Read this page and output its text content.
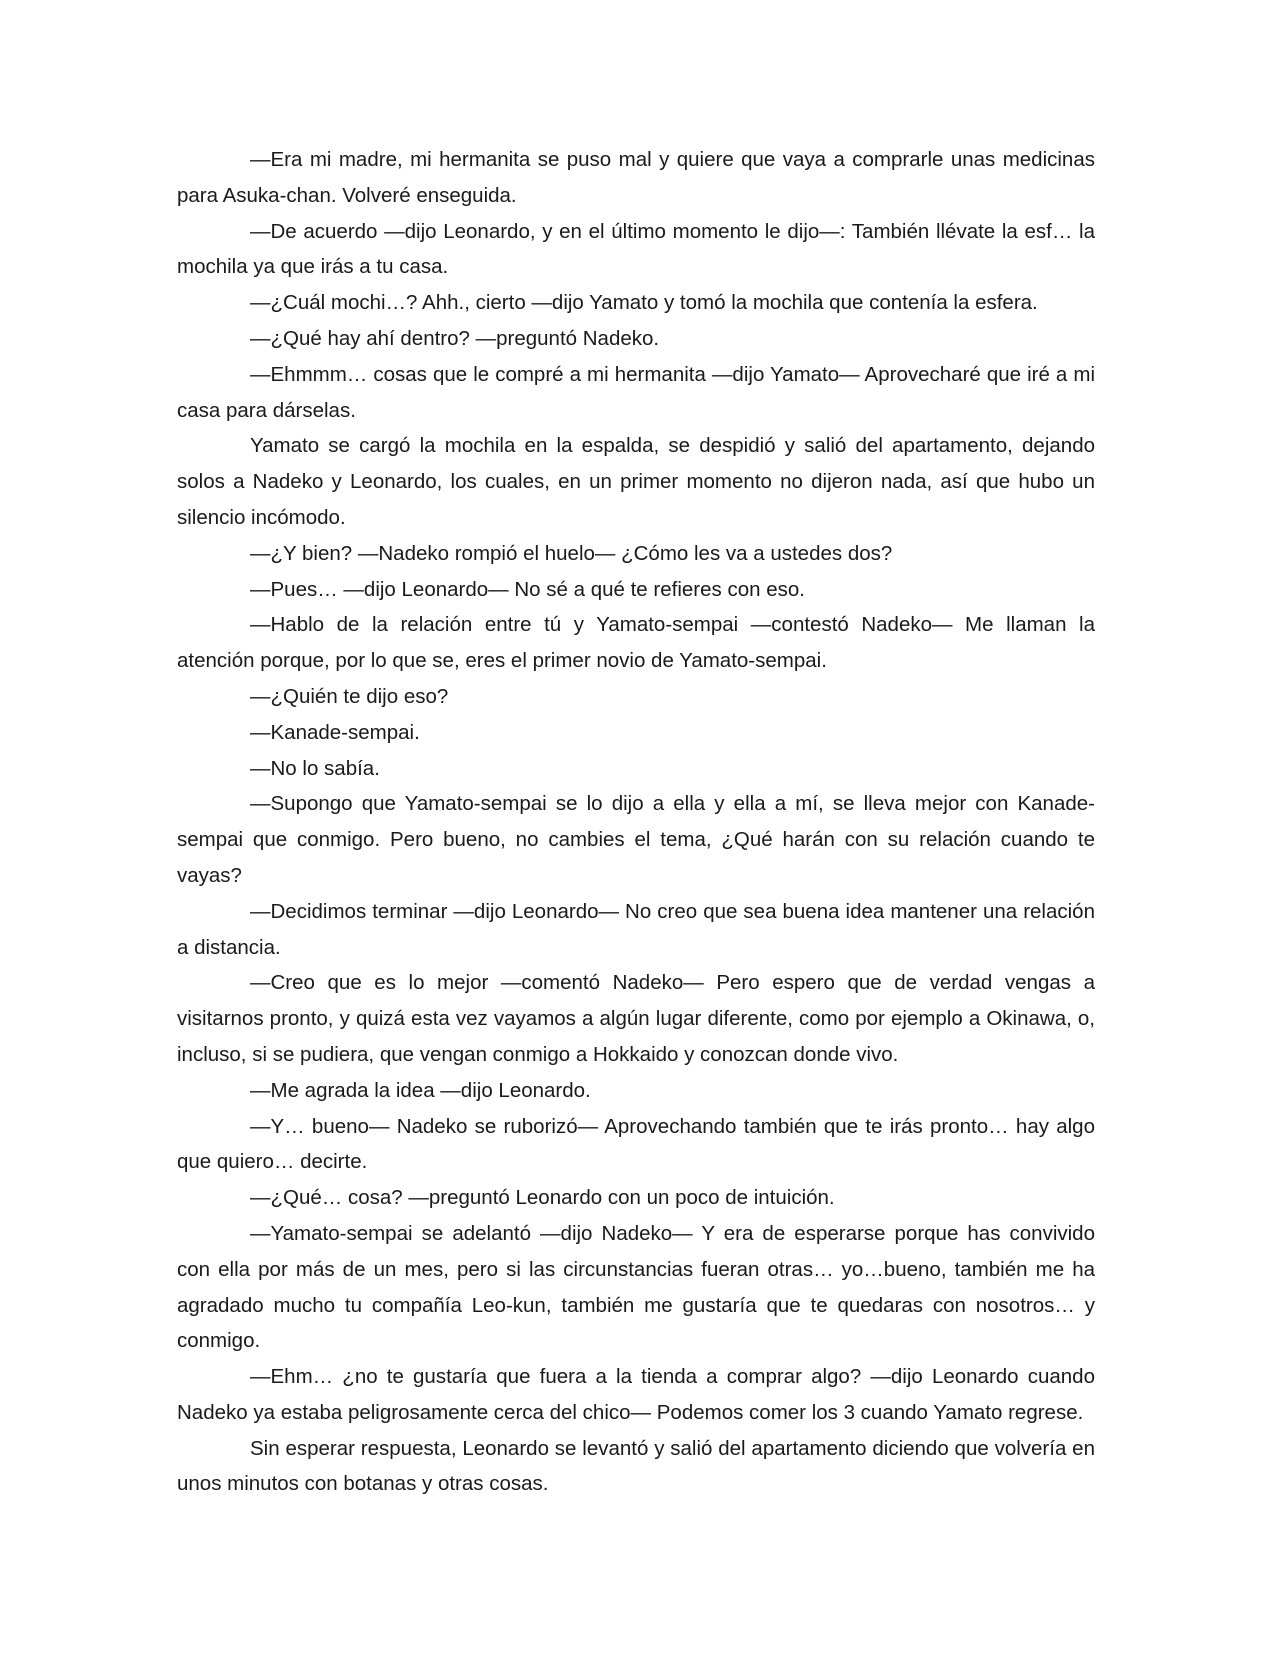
—Era mi madre, mi hermanita se puso mal y quiere que vaya a comprarle unas medicinas para Asuka-chan. Volveré enseguida.

—De acuerdo —dijo Leonardo, y en el último momento le dijo—: También llévate la esf… la mochila ya que irás a tu casa.

—¿Cuál mochi…? Ahh., cierto —dijo Yamato y tomó la mochila que contenía la esfera.

—¿Qué hay ahí dentro? —preguntó Nadeko.

—Ehmmm… cosas que le compré a mi hermanita —dijo Yamato— Aprovecharé que iré a mi casa para dárselas.

Yamato se cargó la mochila en la espalda, se despidió y salió del apartamento, dejando solos a Nadeko y Leonardo, los cuales, en un primer momento no dijeron nada, así que hubo un silencio incómodo.

—¿Y bien? —Nadeko rompió el huelo— ¿Cómo les va a ustedes dos?

—Pues… —dijo Leonardo— No sé a qué te refieres con eso.

—Hablo de la relación entre tú y Yamato-sempai —contestó Nadeko— Me llaman la atención porque, por lo que se, eres el primer novio de Yamato-sempai.

—¿Quién te dijo eso?

—Kanade-sempai.

—No lo sabía.

—Supongo que Yamato-sempai se lo dijo a ella y ella a mí, se lleva mejor con Kanade-sempai que conmigo. Pero bueno, no cambies el tema, ¿Qué harán con su relación cuando te vayas?

—Decidimos terminar —dijo Leonardo— No creo que sea buena idea mantener una relación a distancia.

—Creo que es lo mejor —comentó Nadeko— Pero espero que de verdad vengas a visitarnos pronto, y quizá esta vez vayamos a algún lugar diferente, como por ejemplo a Okinawa, o, incluso, si se pudiera, que vengan conmigo a Hokkaido y conozcan donde vivo.

—Me agrada la idea —dijo Leonardo.

—Y… bueno— Nadeko se ruborizó— Aprovechando también que te irás pronto… hay algo que quiero… decirte.

—¿Qué… cosa? —preguntó Leonardo con un poco de intuición.

—Yamato-sempai se adelantó —dijo Nadeko— Y era de esperarse porque has convivido con ella por más de un mes, pero si las circunstancias fueran otras… yo…bueno, también me ha agradado mucho tu compañía Leo-kun, también me gustaría que te quedaras con nosotros… y conmigo.

—Ehm… ¿no te gustaría que fuera a la tienda a comprar algo? —dijo Leonardo cuando Nadeko ya estaba peligrosamente cerca del chico— Podemos comer los 3 cuando Yamato regrese.

Sin esperar respuesta, Leonardo se levantó y salió del apartamento diciendo que volvería en unos minutos con botanas y otras cosas.
